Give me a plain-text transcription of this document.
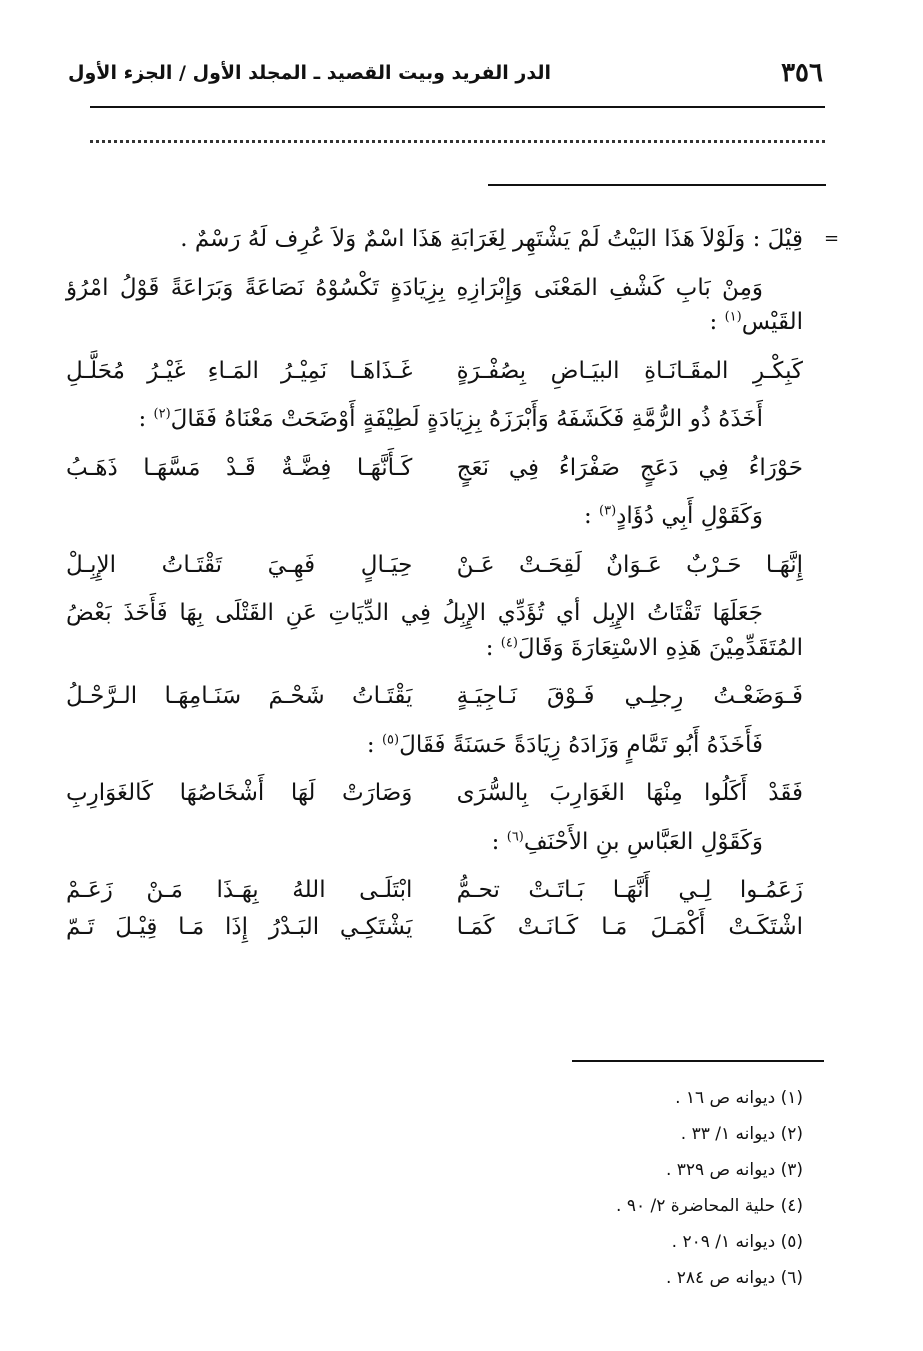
٣٥٦
الدر الفريد وبيت القصيد ـ المجلد الأول / الجزء الأول
=

قِيْلَ : وَلَوْلاَ هَذَا البَيْتُ لَمْ يَشْتَهِر لِغَرَابَةِ هَذَا اسْمٌ وَلاَ عُرِف لَهُ رَسْمٌ .

وَمِنْ بَابِ كَشْفِ المَعْنَى وَإِبْرَازِهِ بِزِيَادَةٍ تَكْسُوْهُ نَصَاعَةً وَبَرَاعَةً قَوْلُ امْرُؤ القَيْس$^{(١)}$ :

كَبِكْـرِ المقَـانَـاةِ البيَـاضِ بِصُفْـرَةٍ
غَـذَاهَـا نَمِيْـرُ المَـاءِ غَيْـرُ مُحَلَّـلِ

أَخَذَهُ ذُو الرُّمَّةِ فَكَشَفَهُ وَأَبْرَزَهُ بِزِيَادَةٍ لَطِيْفَةٍ أَوْضَحَتْ مَعْنَاهُ فَقَالَ$^{(٢)}$ :

حَوْرَاءُ فِي دَعَجٍ صَفْرَاءُ فِي نَعَجٍ
كَـأَنَّهَـا فِضَّـةٌ قَـدْ مَسَّهَـا ذَهَـبُ

وَكَقَوْلِ أَبِي دُؤَادٍ$^{(٣)}$ :

إِنَّهَـا حَـرْبٌ عَـوَانٌ لَقِحَـتْ عَـنْ
حِيَـالٍ فَهِـيَ تَقْتَـاتُ الإِبِـلْ

جَعَلَهَا تَقْتَاتُ الإِبِل أي تُؤَدِّي الإِبِلُ فِي الدِّيَاتِ عَنِ القَتْلَى بِهَا فَأَخَذَ بَعْضُ المُتَقَدِّمِيْنَ هَذِهِ الاسْتِعَارَةَ وَقَالَ$^{(٤)}$ :

فَـوَضَعْـتُ رِجلِـي فَـوْقَ نَـاجِيَـةٍ
يَقْتَـاتُ شَحْـمَ سَنَـامِهَـا الـرَّحْـلُ

فَأَخَذَهُ أَبُو تَمَّامٍ وَزَادَهُ زِيَادَةً حَسَنَةً فَقَالَ$^{(٥)}$ :

فَقَدْ أَكَلُوا مِنْهَا الغَوَارِبَ بِالسُّرَى
وَصَارَتْ لَهَا أَشْخَاصُهَا كَالغَوَارِبِ

وَكَقَوْلِ العَبَّاسِ بنِ الأَحْنَفِ$^{(٦)}$ :

زَعَمُـوا لِـي أَنَّهَـا بَـاتَـتْ تحـمُّ
ابْتَلَـى اللهُ بِهَـذَا مَـنْ زَعَـمْ
اشْتَكَـتْ أَكْمَـلَ مَـا كَـانَـتْ كَمَـا
يَشْتَكِـي البَـدْرُ إِذَا مَـا قِيْـلَ تَـمّ
(١) ديوانه ص ١٦ .
(٢) ديوانه ١/ ٣٣ .
(٣) ديوانه ص ٣٢٩ .
(٤) حلية المحاضرة ٢/ ٩٠ .
(٥) ديوانه ١/ ٢٠٩ .
(٦) ديوانه ص ٢٨٤ .
